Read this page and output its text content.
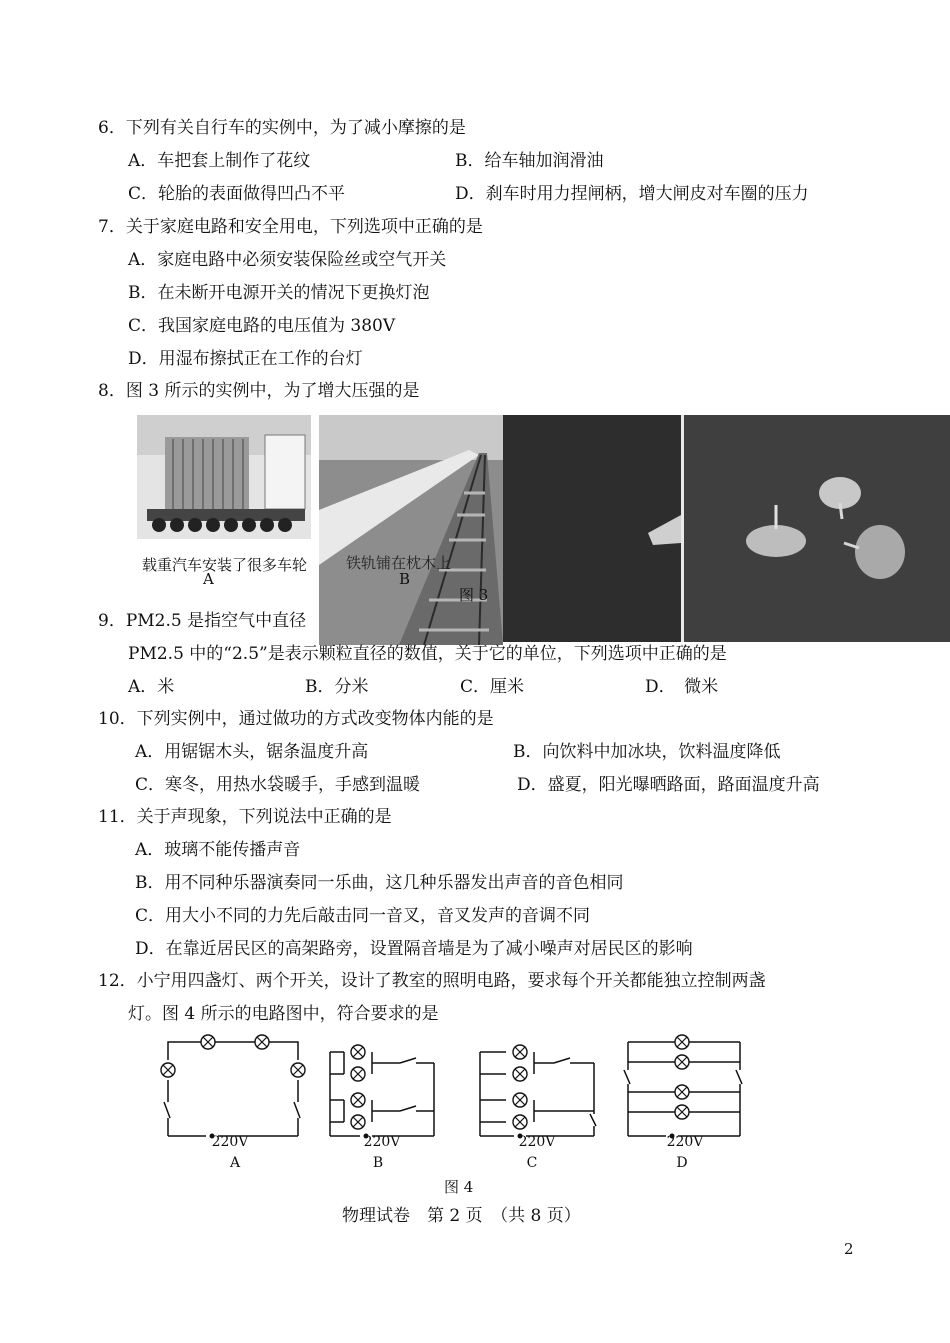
6．下列有关自行车的实例中，为了减小摩擦的是
A．车把套上制作了花纹	B．给车轴加润滑油
C．轮胎的表面做得凹凸不平	D．刹车时用力捏闸柄，增大闸皮对车圈的压力
7．关于家庭电路和安全用电，下列选项中正确的是
A．家庭电路中必须安装保险丝或空气开关
B．在未断开电源开关的情况下更换灯泡
C．我国家庭电路的电压值为 380V
D．用湿布擦拭正在工作的台灯
8．图 3 所示的实例中，为了增大压强的是
载重汽车安装了很多车轮
A
铁轨铺在枕木上
B
图 3
9．PM2.5 是指空气中直径
PM2.5 中的“2.5”是表示颗粒直径的数值，关于它的单位，下列选项中正确的是
A．米	B．分米	C．厘米	D．　微米
10．下列实例中，通过做功的方式改变物体内能的是
A．用锯锯木头，锯条温度升高	B．向饮料中加冰块，饮料温度降低
C．寒冬，用热水袋暖手，手感到温暖	D．盛夏，阳光曝晒路面，路面温度升高
11．关于声现象，下列说法中正确的是
A．玻璃不能传播声音
B．用不同种乐器演奏同一乐曲，这几种乐器发出声音的音色相同
C．用大小不同的力先后敲击同一音叉，音叉发声的音调不同
D．在靠近居民区的高架路旁，设置隔音墙是为了减小噪声对居民区的影响
12．小宁用四盏灯、两个开关，设计了教室的照明电路，要求每个开关都能独立控制两盏
灯。图 4 所示的电路图中，符合要求的是
220V	220V	220V	220V
A	B	C	D
图 4
物理试卷　第 2 页　（共 8 页）
2
